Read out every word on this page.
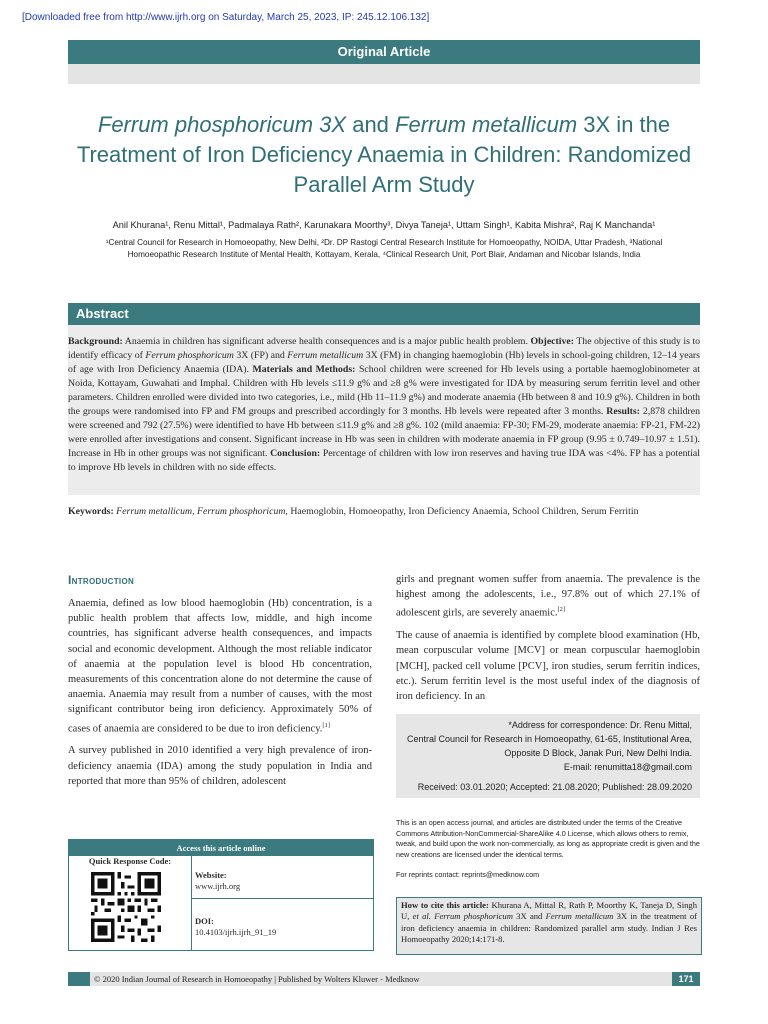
[Downloaded free from http://www.ijrh.org on Saturday, March 25, 2023, IP: 245.12.106.132]
Original Article
Ferrum phosphoricum 3X and Ferrum metallicum 3X in the Treatment of Iron Deficiency Anaemia in Children: Randomized Parallel Arm Study
Anil Khurana¹, Renu Mittal¹, Padmalaya Rath², Karunakara Moorthy³, Divya Taneja¹, Uttam Singh¹, Kabita Mishra², Raj K Manchanda¹
¹Central Council for Research in Homoeopathy, New Delhi, ²Dr. DP Rastogi Central Research Institute for Homoeopathy, NOIDA, Uttar Pradesh, ³National Homoeopathic Research Institute of Mental Health, Kottayam, Kerala, ⁴Clinical Research Unit, Port Blair, Andaman and Nicobar Islands, India
Abstract
Background: Anaemia in children has significant adverse health consequences and is a major public health problem. Objective: The objective of this study is to identify efficacy of Ferrum phosphoricum 3X (FP) and Ferrum metallicum 3X (FM) in changing haemoglobin (Hb) levels in school-going children, 12–14 years of age with Iron Deficiency Anaemia (IDA). Materials and Methods: School children were screened for Hb levels using a portable haemoglobinometer at Noida, Kottayam, Guwahati and Imphal. Children with Hb levels ≤11.9 g% and ≥8 g% were investigated for IDA by measuring serum ferritin level and other parameters. Children enrolled were divided into two categories, i.e., mild (Hb 11–11.9 g%) and moderate anaemia (Hb between 8 and 10.9 g%). Children in both the groups were randomised into FP and FM groups and prescribed accordingly for 3 months. Hb levels were repeated after 3 months. Results: 2,878 children were screened and 792 (27.5%) were identified to have Hb between ≤11.9 g% and ≥8 g%. 102 (mild anaemia: FP-30; FM-29, moderate anaemia: FP-21, FM-22) were enrolled after investigations and consent. Significant increase in Hb was seen in children with moderate anaemia in FP group (9.95 ± 0.749–10.97 ± 1.51). Increase in Hb in other groups was not significant. Conclusion: Percentage of children with low iron reserves and having true IDA was <4%. FP has a potential to improve Hb levels in children with no side effects.
Keywords: Ferrum metallicum, Ferrum phosphoricum, Haemoglobin, Homoeopathy, Iron Deficiency Anaemia, School Children, Serum Ferritin
Introduction

Anaemia, defined as low blood haemoglobin (Hb) concentration, is a public health problem that affects low, middle, and high income countries, has significant adverse health consequences, and impacts social and economic development. Although the most reliable indicator of anaemia at the population level is blood Hb concentration, measurements of this concentration alone do not determine the cause of anaemia. Anaemia may result from a number of causes, with the most significant contributor being iron deficiency. Approximately 50% of cases of anaemia are considered to be due to iron deficiency.[1]

A survey published in 2010 identified a very high prevalence of iron-deficiency anaemia (IDA) among the study population in India and reported that more than 95% of children, adolescent

girls and pregnant women suffer from anaemia. The prevalence is the highest among the adolescents, i.e., 97.8% out of which 27.1% of adolescent girls, are severely anaemic.[2]

The cause of anaemia is identified by complete blood examination (Hb, mean corpuscular volume [MCV] or mean corpuscular haemoglobin [MCH], packed cell volume [PCV], iron studies, serum ferritin indices, etc.). Serum ferritin level is the most useful index of the diagnosis of iron deficiency. In an

*Address for correspondence: Dr. Renu Mittal,
Central Council for Research in Homoeopathy, 61-65, Institutional Area,
Opposite D Block, Janak Puri, New Delhi India.
E-mail: renumitta18@gmail.com
Received: 03.01.2020; Accepted: 21.08.2020; Published: 28.09.2020
Access this article online
Quick Response Code:
Website:
www.ijrh.org
DOI:
10.4103/ijrh.ijrh_91_19
This is an open access journal, and articles are distributed under the terms of the Creative Commons Attribution-NonCommercial-ShareAlike 4.0 License, which allows others to remix, tweak, and build upon the work non-commercially, as long as appropriate credit is given and the new creations are licensed under the identical terms.
For reprints contact: reprints@medknow.com
How to cite this article: Khurana A, Mittal R, Rath P, Moorthy K, Taneja D, Singh U, et al. Ferrum phosphoricum 3X and Ferrum metallicum 3X in the treatment of iron deficiency anaemia in children: Randomized parallel arm study. Indian J Res Homoeopathy 2020;14:171-8.
© 2020 Indian Journal of Research in Homoeopathy | Published by Wolters Kluwer - Medknow	171
